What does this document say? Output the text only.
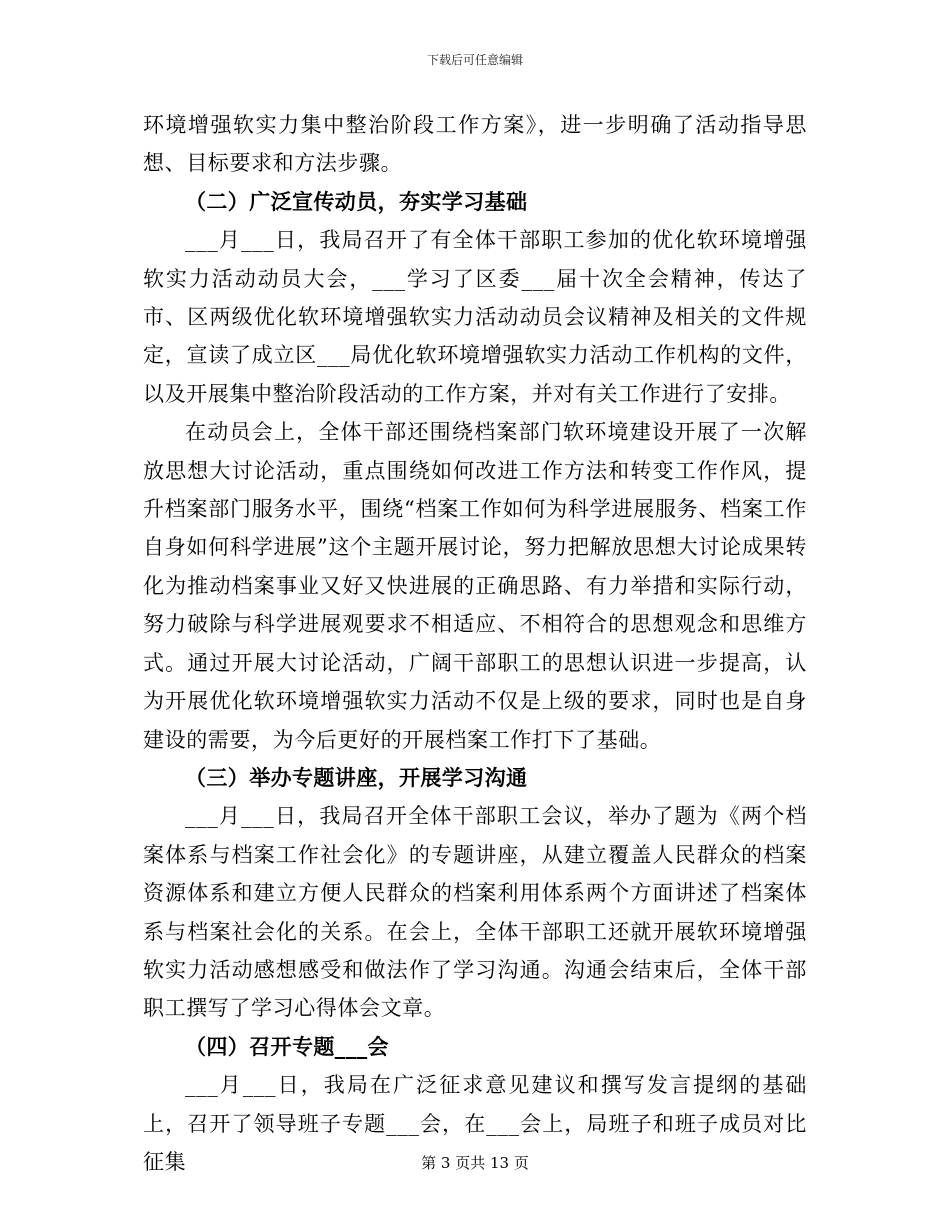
下载后可任意编辑

环境增强软实力集中整治阶段工作方案》，进一步明确了活动指导思想、目标要求和方法步骤。

（二）广泛宣传动员，夯实学习基础

___月___日，我局召开了有全体干部职工参加的优化软环境增强软实力活动动员大会，___学习了区委___届十次全会精神，传达了市、区两级优化软环境增强软实力活动动员会议精神及相关的文件规定，宣读了成立区___局优化软环境增强软实力活动工作机构的文件，以及开展集中整治阶段活动的工作方案，并对有关工作进行了安排。

在动员会上，全体干部还围绕档案部门软环境建设开展了一次解放思想大讨论活动，重点围绕如何改进工作方法和转变工作作风，提升档案部门服务水平，围绕“档案工作如何为科学进展服务、档案工作自身如何科学进展”这个主题开展讨论，努力把解放思想大讨论成果转化为推动档案事业又好又快进展的正确思路、有力举措和实际行动，努力破除与科学进展观要求不相适应、不相符合的思想观念和思维方式。通过开展大讨论活动，广阔干部职工的思想认识进一步提高，认为开展优化软环境增强软实力活动不仅是上级的要求，同时也是自身建设的需要，为今后更好的开展档案工作打下了基础。

（三）举办专题讲座，开展学习沟通

___月___日，我局召开全体干部职工会议，举办了题为《两个档案体系与档案工作社会化》的专题讲座，从建立覆盖人民群众的档案资源体系和建立方便人民群众的档案利用体系两个方面讲述了档案体系与档案社会化的关系。在会上，全体干部职工还就开展软环境增强软实力活动感想感受和做法作了学习沟通。沟通会结束后，全体干部职工撰写了学习心得体会文章。

（四）召开专题___会

___月___日，我局在广泛征求意见建议和撰写发言提纲的基础上，召开了领导班子专题___会，在___会上，局班子和班子成员对比征集	第 3 页共 13 页
